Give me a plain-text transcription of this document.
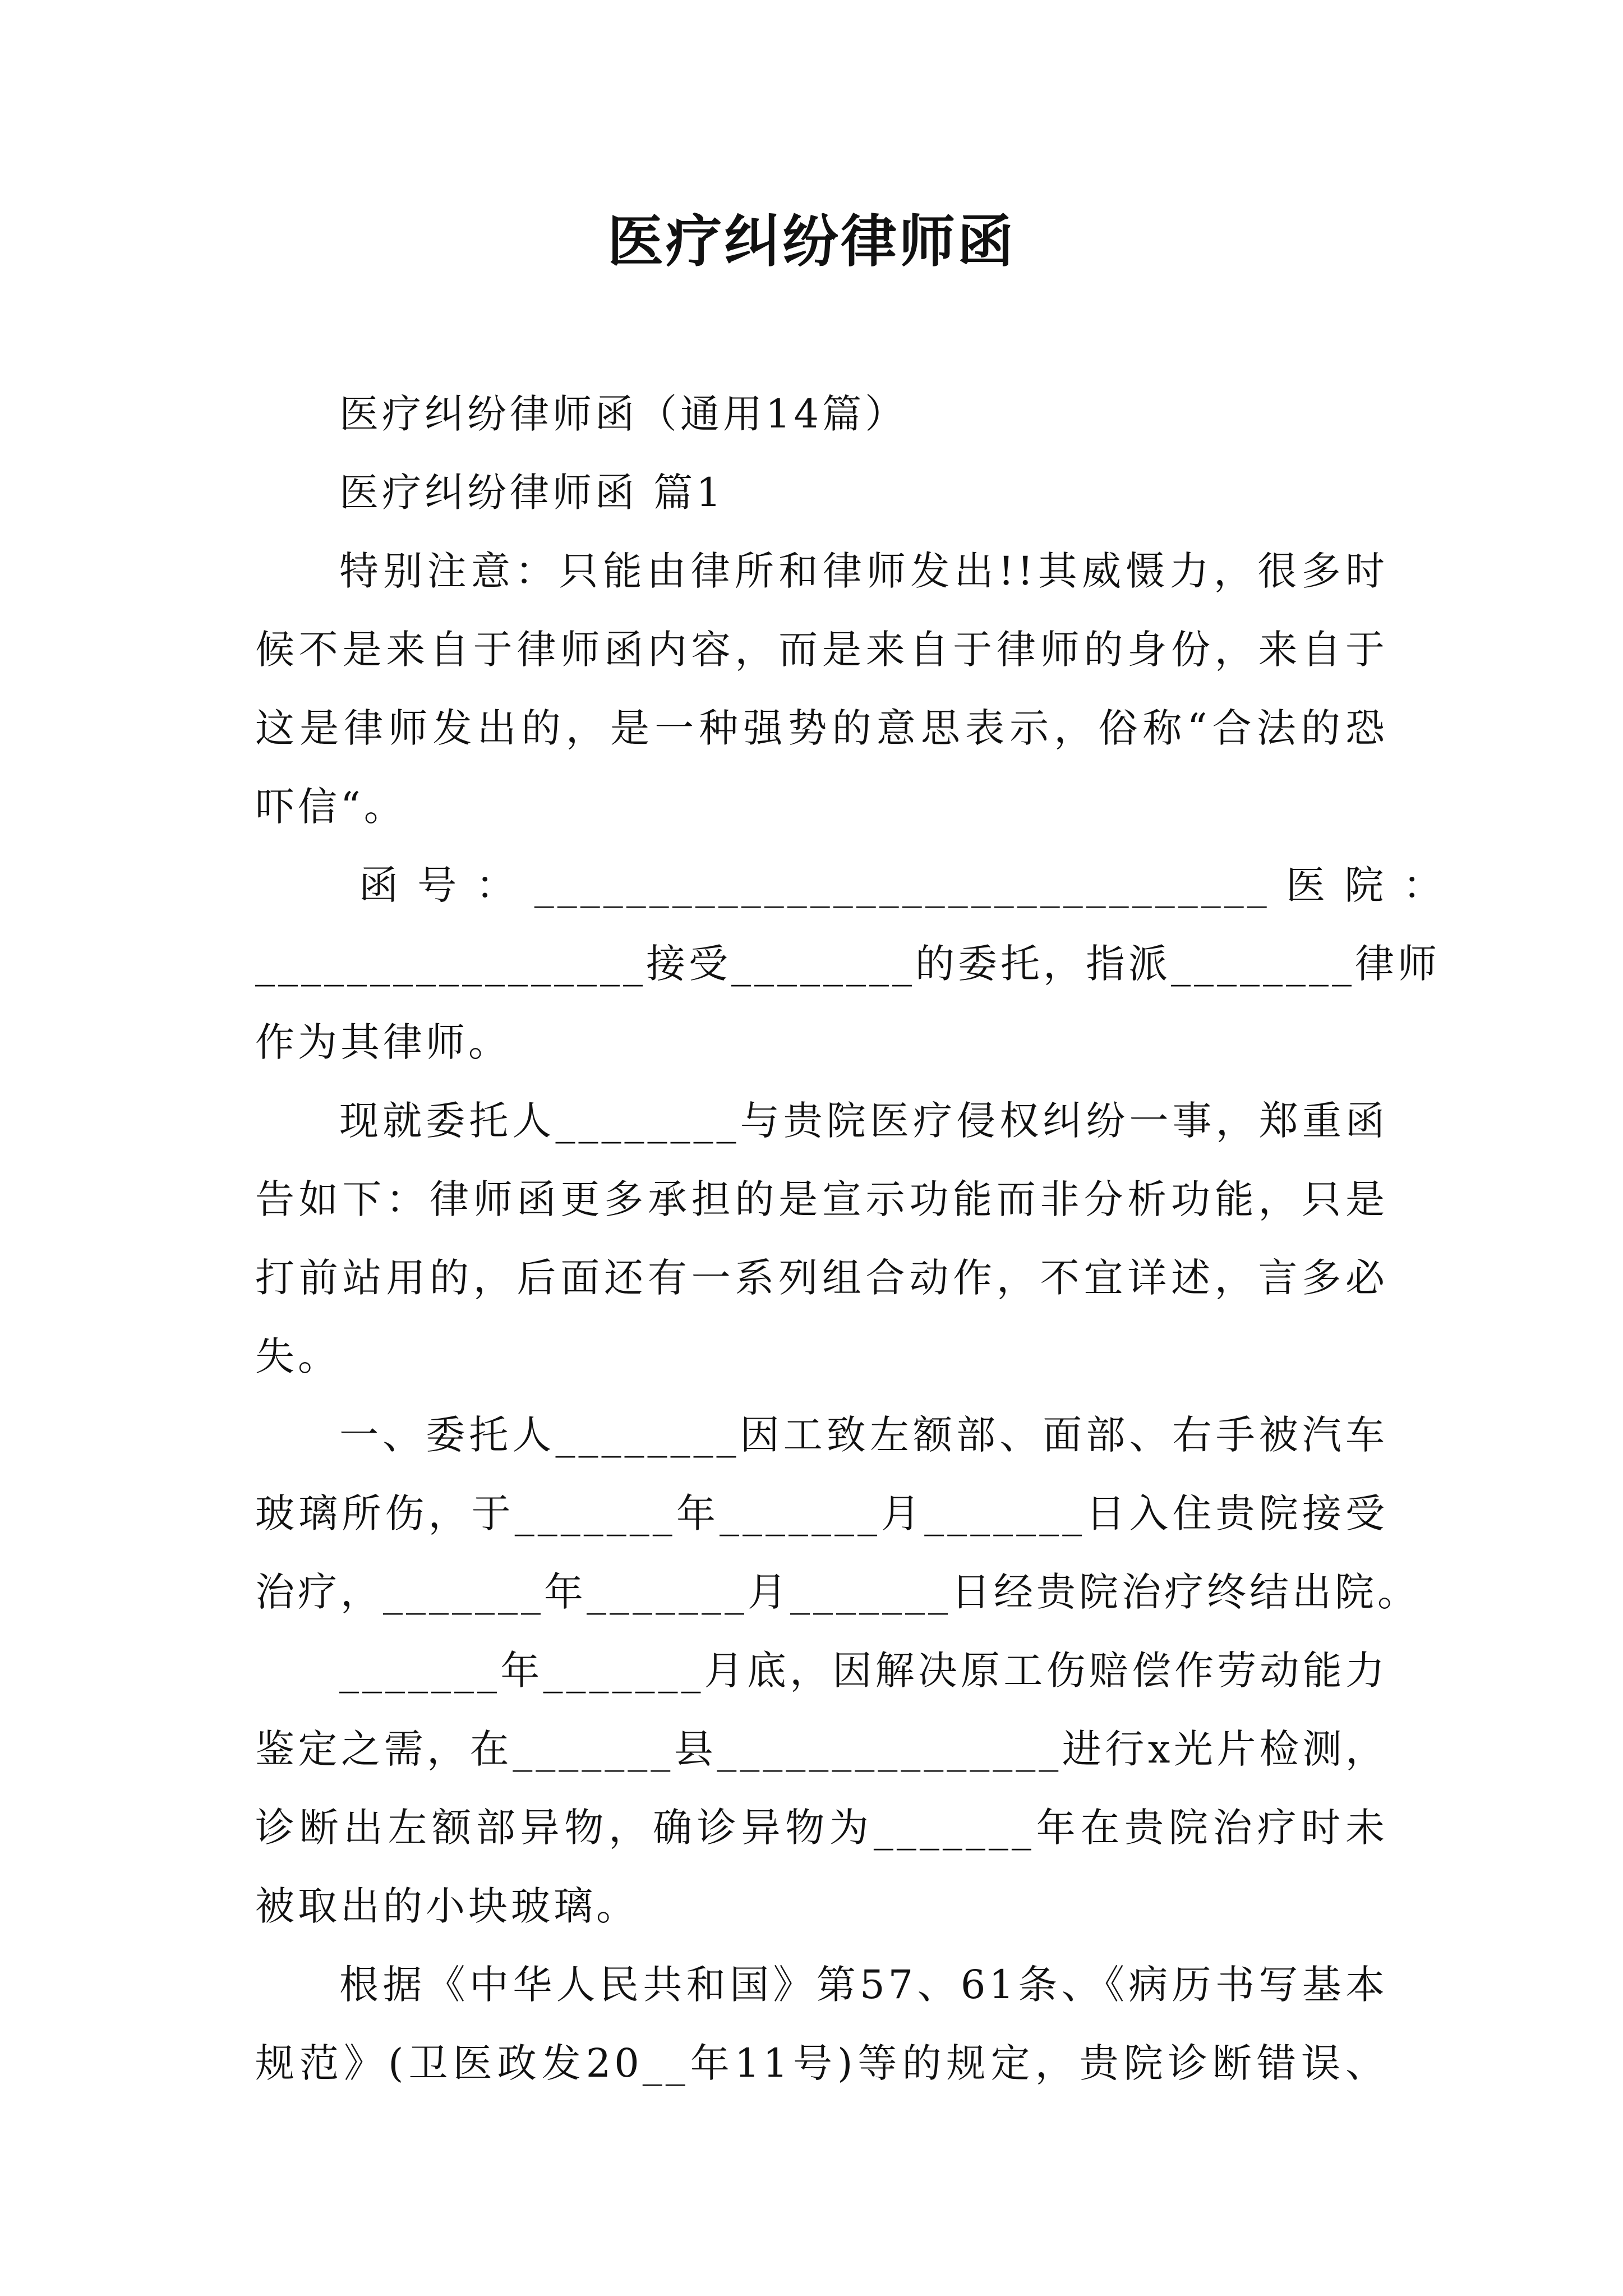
医疗纠纷律师函
医疗纠纷律师函（通用14篇）
医疗纠纷律师函 篇1
特别注意：只能由律所和律师发出!!其威慑力，很多时
候不是来自于律师函内容，而是来自于律师的身份，来自于
这是律师发出的，是一种强势的意思表示，俗称“合法的恐
吓信“。
函 号 ： ________________________________ 医 院 ：
_________________接受________的委托，指派________律师
作为其律师。
现就委托人________与贵院医疗侵权纠纷一事，郑重函
告如下：律师函更多承担的是宣示功能而非分析功能，只是
打前站用的，后面还有一系列组合动作，不宜详述，言多必
失。
一、委托人________因工致左额部、面部、右手被汽车
玻璃所伤，于_______年_______月_______日入住贵院接受
治疗，_______年_______月_______日经贵院治疗终结出院。
_______年_______月底，因解决原工伤赔偿作劳动能力
鉴定之需，在_______县_______________进行x光片检测，
诊断出左额部异物，确诊异物为_______年在贵院治疗时未
被取出的小块玻璃。
根据《中华人民共和国》第57、61条、《病历书写基本
规范》(卫医政发20__年11号)等的规定，贵院诊断错误、
